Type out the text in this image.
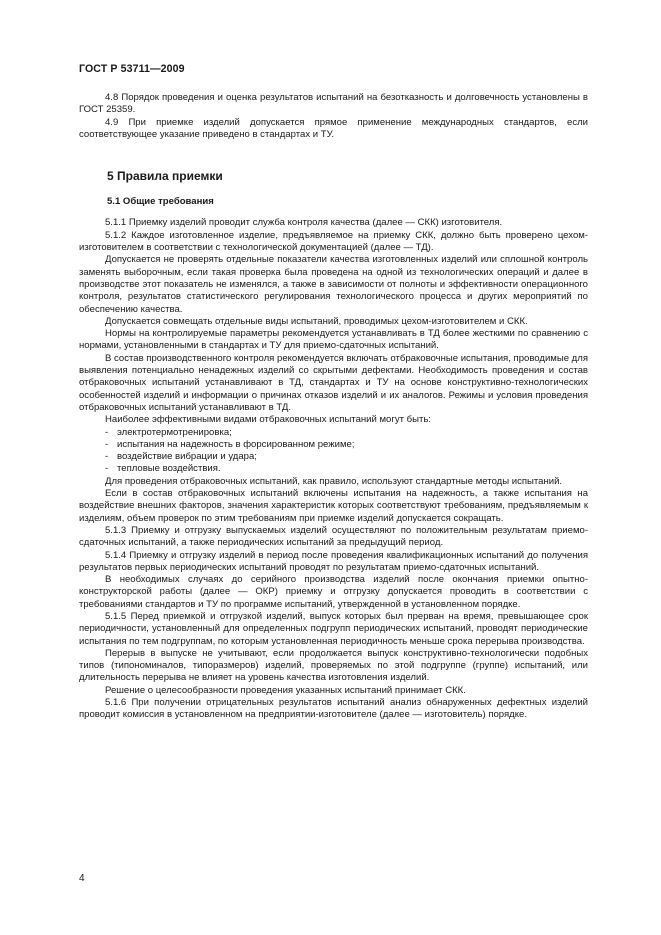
ГОСТ Р 53711—2009

4.8 Порядок проведения и оценка результатов испытаний на безотказность и долговечность установлены в ГОСТ 25359.

4.9 При приемке изделий допускается прямое применение международных стандартов, если соответствующее указание приведено в стандартах и ТУ.

5 Правила приемки
5.1 Общие требования

5.1.1 Приемку изделий проводит служба контроля качества (далее — СКК) изготовителя.

5.1.2 Каждое изготовленное изделие, предъявляемое на приемку СКК, должно быть проверено цехом-изготовителем в соответствии с технологической документацией (далее — ТД).

Допускается не проверять отдельные показатели качества изготовленных изделий или сплошной контроль заменять выборочным, если такая проверка была проведена на одной из технологических операций и далее в производстве этот показатель не изменялся, а также в зависимости от полноты и эффективности операционного контроля, результатов статистического регулирования технологического процесса и других мероприятий по обеспечению качества.

Допускается совмещать отдельные виды испытаний, проводимых цехом-изготовителем и СКК.

Нормы на контролируемые параметры рекомендуется устанавливать в ТД более жесткими по сравнению с нормами, установленными в стандартах и ТУ для приемо-сдаточных испытаний.

В состав производственного контроля рекомендуется включать отбраковочные испытания, проводимые для выявления потенциально ненадежных изделий со скрытыми дефектами. Необходимость проведения и состав отбраковочных испытаний устанавливают в ТД, стандартах и ТУ на основе конструктивно-технологических особенностей изделий и информации о причинах отказов изделий и их аналогов. Режимы и условия проведения отбраковочных испытаний устанавливают в ТД.

Наиболее эффективными видами отбраковочных испытаний могут быть:

- электротермотренировка;
- испытания на надежность в форсированном режиме;
- воздействие вибрации и удара;
- тепловые воздействия.

Для проведения отбраковочных испытаний, как правило, используют стандартные методы испытаний.

Если в состав отбраковочных испытаний включены испытания на надежность, а также испытания на воздействие внешних факторов, значения характеристик которых соответствуют требованиям, предъявляемым к изделиям, объем проверок по этим требованиям при приемке изделий допускается сокращать.

5.1.3 Приемку и отгрузку выпускаемых изделий осуществляют по положительным результатам приемо-сдаточных испытаний, а также периодических испытаний за предыдущий период.

5.1.4 Приемку и отгрузку изделий в период после проведения квалификационных испытаний до получения результатов первых периодических испытаний проводят по результатам приемо-сдаточных испытаний.

В необходимых случаях до серийного производства изделий после окончания приемки опытно-конструкторской работы (далее — ОКР) приемку и отгрузку допускается проводить в соответствии с требованиями стандартов и ТУ по программе испытаний, утвержденной в установленном порядке.

5.1.5 Перед приемкой и отгрузкой изделий, выпуск которых был прерван на время, превышающее срок периодичности, установленный для определенных подгрупп периодических испытаний, проводят периодические испытания по тем подгруппам, по которым установленная периодичность меньше срока перерыва производства.

Перерыв в выпуске не учитывают, если продолжается выпуск конструктивно-технологически подобных типов (типономиналов, типоразмеров) изделий, проверяемых по этой подгруппе (группе) испытаний, или длительность перерыва не влияет на уровень качества изготовления изделий.

Решение о целесообразности проведения указанных испытаний принимает СКК.

5.1.6 При получении отрицательных результатов испытаний анализ обнаруженных дефектных изделий проводит комиссия в установленном на предприятии-изготовителе (далее — изготовитель) порядке.

4
